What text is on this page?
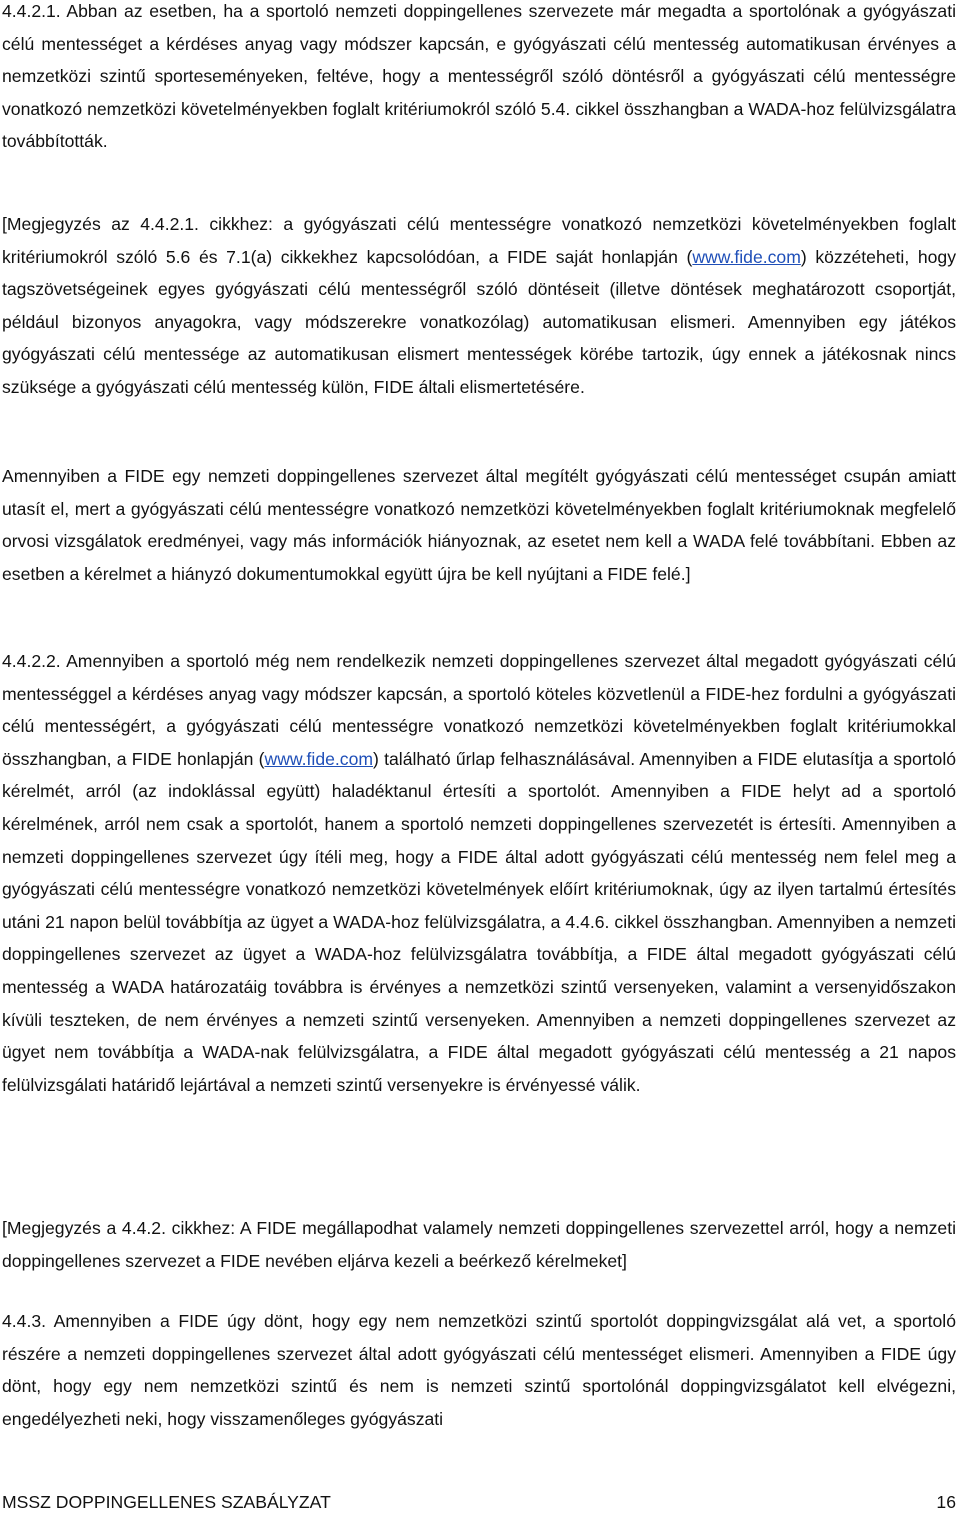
4.4.2.1. Abban az esetben, ha a sportoló nemzeti doppingellenes szervezete már megadta a sportolónak a gyógyászati célú mentességet a kérdéses anyag vagy módszer kapcsán, e gyógyászati célú mentesség automatikusan érvényes a nemzetközi szintű sporteseményeken, feltéve, hogy a mentességről szóló döntésről a gyógyászati célú mentességre vonatkozó nemzetközi követelményekben foglalt kritériumokról szóló 5.4. cikkel összhangban a WADA-hoz felülvizsgálatra továbbították.

[Megjegyzés az 4.4.2.1. cikkhez: a gyógyászati célú mentességre vonatkozó nemzetközi követelményekben foglalt kritériumokról szóló 5.6 és 7.1(a) cikkekhez kapcsolódóan, a FIDE saját honlapján (www.fide.com) közzéteheti, hogy tagszövetségeinek egyes gyógyászati célú mentességről szóló döntéseit (illetve döntések meghatározott csoportját, például bizonyos anyagokra, vagy módszerekre vonatkozólag) automatikusan elismeri. Amennyiben egy játékos gyógyászati célú mentessége az automatikusan elismert mentességek körébe tartozik, úgy ennek a játékosnak nincs szüksége a gyógyászati célú mentesség külön, FIDE általi elismertetésére.

Amennyiben a FIDE egy nemzeti doppingellenes szervezet által megítélt gyógyászati célú mentességet csupán amiatt utasít el, mert a gyógyászati célú mentességre vonatkozó nemzetközi követelményekben foglalt kritériumoknak megfelelő orvosi vizsgálatok eredményei, vagy más információk hiányoznak, az esetet nem kell a WADA felé továbbítani. Ebben az esetben a kérelmet a hiányzó dokumentumokkal együtt újra be kell nyújtani a FIDE felé.]

4.4.2.2. Amennyiben a sportoló még nem rendelkezik nemzeti doppingellenes szervezet által megadott gyógyászati célú mentességgel a kérdéses anyag vagy módszer kapcsán, a sportoló köteles közvetlenül a FIDE-hez fordulni a gyógyászati célú mentességért, a gyógyászati célú mentességre vonatkozó nemzetközi követelményekben foglalt kritériumokkal összhangban, a FIDE honlapján (www.fide.com) található űrlap felhasználásával. Amennyiben a FIDE elutasítja a sportoló kérelmét, arról (az indoklással együtt) haladéktanul értesíti a sportolót. Amennyiben a FIDE helyt ad a sportoló kérelmének, arról nem csak a sportolót, hanem a sportoló nemzeti doppingellenes szervezetét is értesíti. Amennyiben a nemzeti doppingellenes szervezet úgy ítéli meg, hogy a FIDE által adott gyógyászati célú mentesség nem felel meg a gyógyászati célú mentességre vonatkozó nemzetközi követelmények előírt kritériumoknak, úgy az ilyen tartalmú értesítés utáni 21 napon belül továbbítja az ügyet a WADA-hoz felülvizsgálatra, a 4.4.6. cikkel összhangban. Amennyiben a nemzeti doppingellenes szervezet az ügyet a WADA-hoz felülvizsgálatra továbbítja, a FIDE által megadott gyógyászati célú mentesség a WADA határozatáig továbbra is érvényes a nemzetközi szintű versenyeken, valamint a versenyidőszakon kívüli teszteken, de nem érvényes a nemzeti szintű versenyeken. Amennyiben a nemzeti doppingellenes szervezet az ügyet nem továbbítja a WADA-nak felülvizsgálatra, a FIDE által megadott gyógyászati célú mentesség a 21 napos felülvizsgálati határidő lejártával a nemzeti szintű versenyekre is érvényessé válik.

[Megjegyzés a 4.4.2. cikkhez: A FIDE megállapodhat valamely nemzeti doppingellenes szervezettel arról, hogy a nemzeti doppingellenes szervezet a FIDE nevében eljárva kezeli a beérkező kérelmeket]

4.4.3. Amennyiben a FIDE úgy dönt, hogy egy nem nemzetközi szintű sportolót doppingvizsgálat alá vet, a sportoló részére a nemzeti doppingellenes szervezet által adott gyógyászati célú mentességet elismeri. Amennyiben a FIDE úgy dönt, hogy egy nem nemzetközi szintű és nem is nemzeti szintű sportolónál doppingvizsgálatot kell elvégezni, engedélyezheti neki, hogy visszamenőleges gyógyászati

MSSZ DOPPINGELLENES SZABÁLYZAT	16
